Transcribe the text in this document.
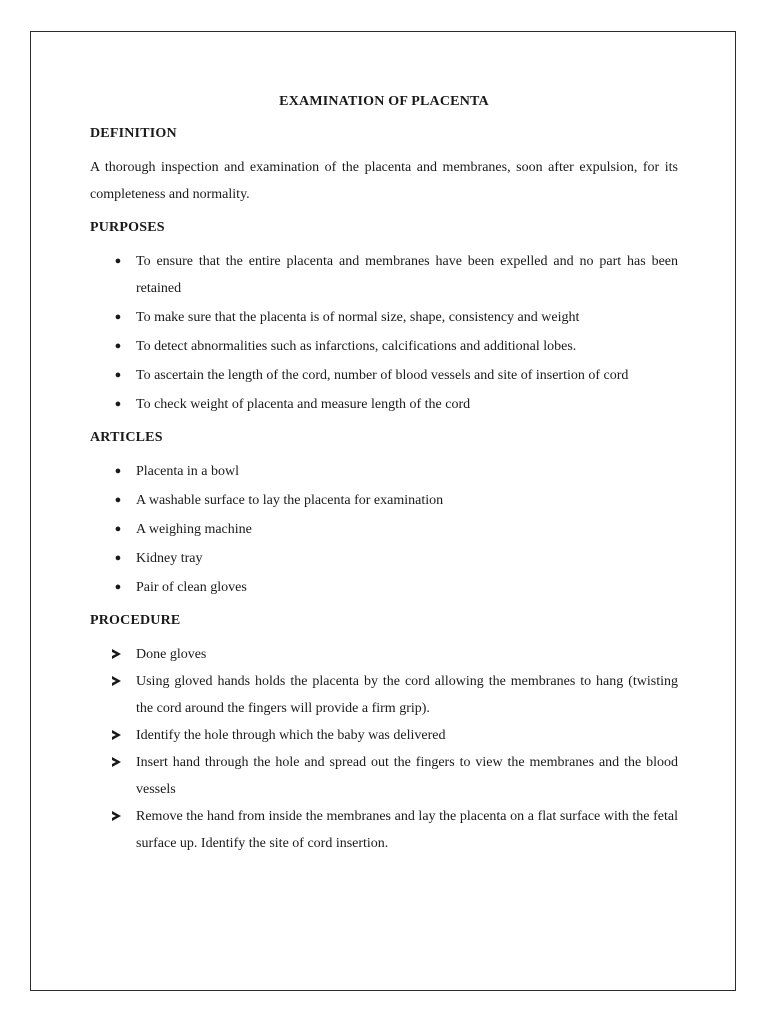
EXAMINATION OF PLACENTA
DEFINITION

A thorough inspection and examination of the placenta and membranes, soon after expulsion, for its completeness and normality.

PURPOSES
● To ensure that the entire placenta and membranes have been expelled and no part has been retained
● To make sure that the placenta is of normal size, shape, consistency and weight
● To detect abnormalities such as infarctions, calcifications and additional lobes.
● To ascertain the length of the cord, number of blood vessels and site of insertion of cord
● To check weight of placenta and measure length of the cord
ARTICLES
● Placenta in a bowl
● A washable surface to lay the placenta for examination
● A weighing machine
● Kidney tray
● Pair of clean gloves
PROCEDURE
Done gloves
Using gloved hands holds the placenta by the cord allowing the membranes to hang (twisting the cord around the fingers will provide a firm grip).
Identify the hole through which the baby was delivered
Insert hand through the hole and spread out the fingers to view the membranes and the blood vessels
Remove the hand from inside the membranes and lay the placenta on a flat surface with the fetal surface up. Identify the site of cord insertion.
